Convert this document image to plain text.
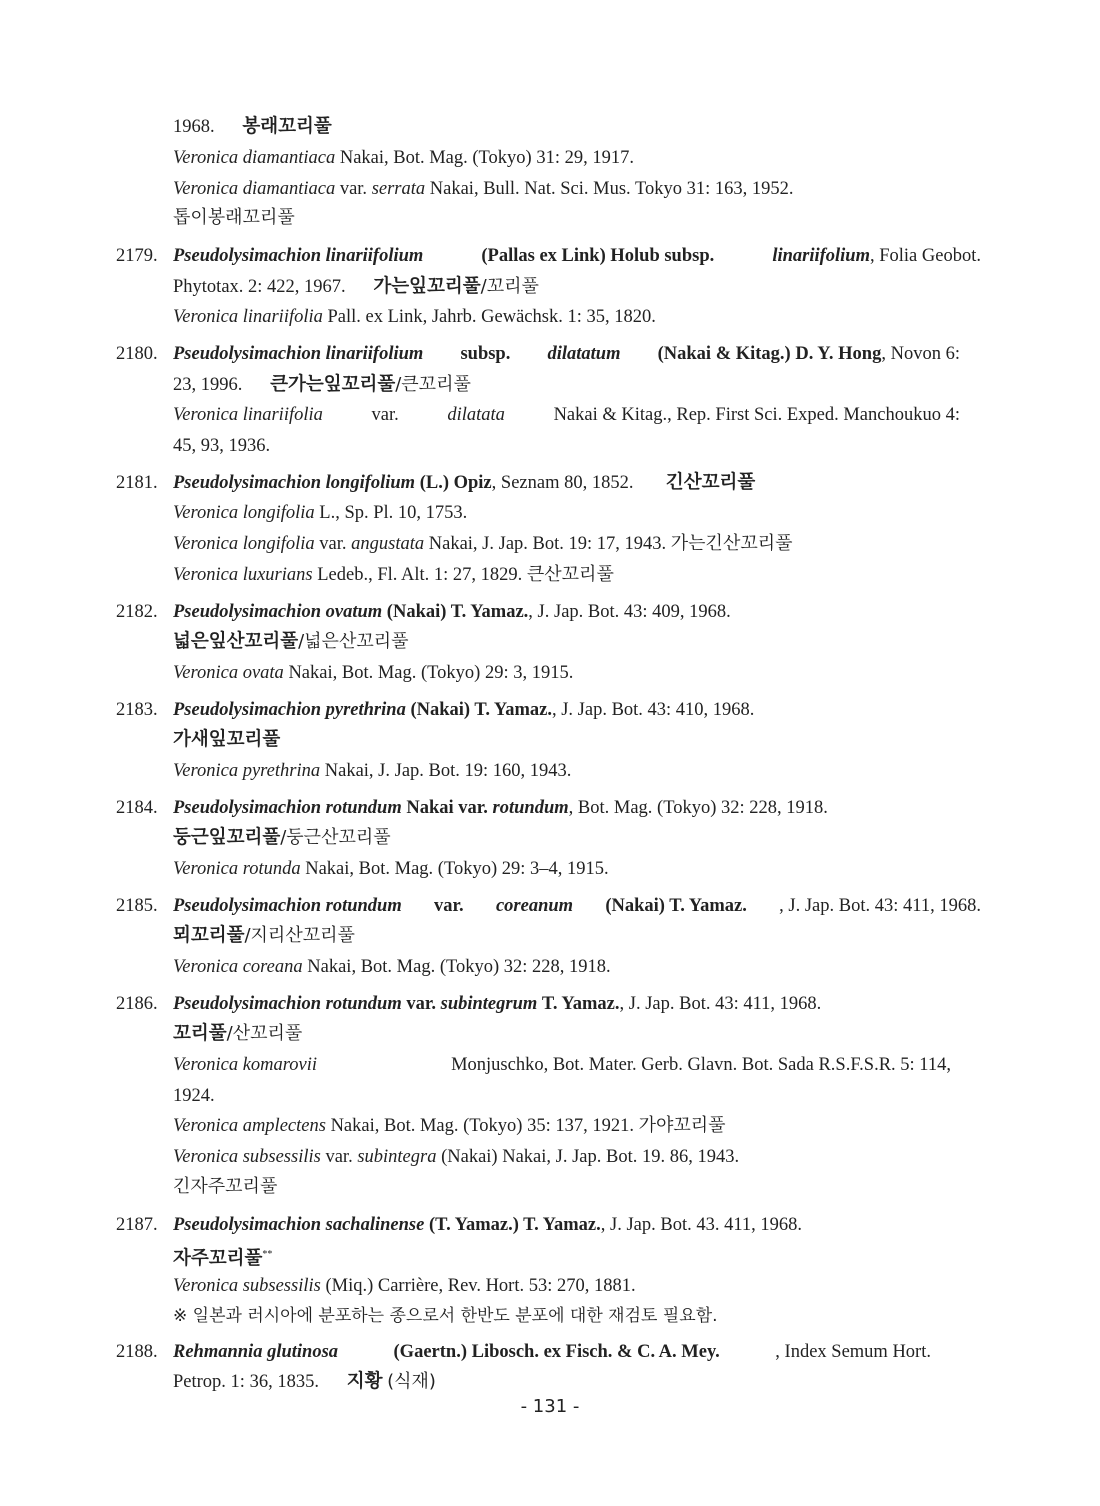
1968. 봉래꼬리풀
Veronica diamantiaca Nakai, Bot. Mag. (Tokyo) 31: 29, 1917.
Veronica diamantiaca var. serrata Nakai, Bull. Nat. Sci. Mus. Tokyo 31: 163, 1952.
톱이봉래꼬리풀
2179. Pseudolysimachion linariifolium	(Pallas ex Link) Holub subsp.	linariifolium, Folia Geobot.
Phytotax. 2: 422, 1967. 가는잎꼬리풀/꼬리풀
Veronica linariifolia Pall. ex Link, Jahrb. Gewächsk. 1: 35, 1820.
2180. Pseudolysimachion linariifolium subsp. dilatatum (Nakai & Kitag.) D. Y. Hong, Novon 6:
23, 1996. 큰가는잎꼬리풀/큰꼬리풀
Veronica linariifolia	var.	dilatata	Nakai & Kitag., Rep. First Sci. Exped. Manchoukuo 4:
45, 93, 1936.
2181. Pseudolysimachion longifolium (L.) Opiz, Seznam 80, 1852. 긴산꼬리풀
Veronica longifolia L., Sp. Pl. 10, 1753.
Veronica longifolia var. angustata Nakai, J. Jap. Bot. 19: 17, 1943. 가는긴산꼬리풀
Veronica luxurians Ledeb., Fl. Alt. 1: 27, 1829. 큰산꼬리풀
2182. Pseudolysimachion ovatum (Nakai) T. Yamaz., J. Jap. Bot. 43: 409, 1968.
넓은잎산꼬리풀/넓은산꼬리풀
Veronica ovata Nakai, Bot. Mag. (Tokyo) 29: 3, 1915.
2183. Pseudolysimachion pyrethrina (Nakai) T. Yamaz., J. Jap. Bot. 43: 410, 1968.
가새잎꼬리풀
Veronica pyrethrina Nakai, J. Jap. Bot. 19: 160, 1943.
2184. Pseudolysimachion rotundum Nakai var. rotundum, Bot. Mag. (Tokyo) 32: 228, 1918.
둥근잎꼬리풀/둥근산꼬리풀
Veronica rotunda Nakai, Bot. Mag. (Tokyo) 29: 3–4, 1915.
2185. Pseudolysimachion rotundum var. coreanum (Nakai) T. Yamaz. , J. Jap. Bot. 43: 411, 1968.
뫼꼬리풀/지리산꼬리풀
Veronica coreana Nakai, Bot. Mag. (Tokyo) 32: 228, 1918.
2186. Pseudolysimachion rotundum var. subintegrum T. Yamaz., J. Jap. Bot. 43: 411, 1968.
꼬리풀/산꼬리풀
Veronica komarovii	Monjuschko, Bot. Mater. Gerb. Glavn. Bot. Sada R.S.F.S.R. 5: 114,
1924.
Veronica amplectens Nakai, Bot. Mag. (Tokyo) 35: 137, 1921. 가야꼬리풀
Veronica subsessilis var. subintegra (Nakai) Nakai, J. Jap. Bot. 19. 86, 1943.
긴자주꼬리풀
2187. Pseudolysimachion sachalinense (T. Yamaz.) T. Yamaz., J. Jap. Bot. 43. 411, 1968.
자주꼬리풀**
Veronica subsessilis (Miq.) Carrière, Rev. Hort. 53: 270, 1881.
※ 일본과 러시아에 분포하는 종으로서 한반도 분포에 대한 재검토 필요함.
2188. Rehmannia glutinosa	(Gaertn.) Libosch. ex Fisch. & C. A. Mey.	, Index Semum Hort.
Petrop. 1: 36, 1835. 지황 (식재)
- 131 -
